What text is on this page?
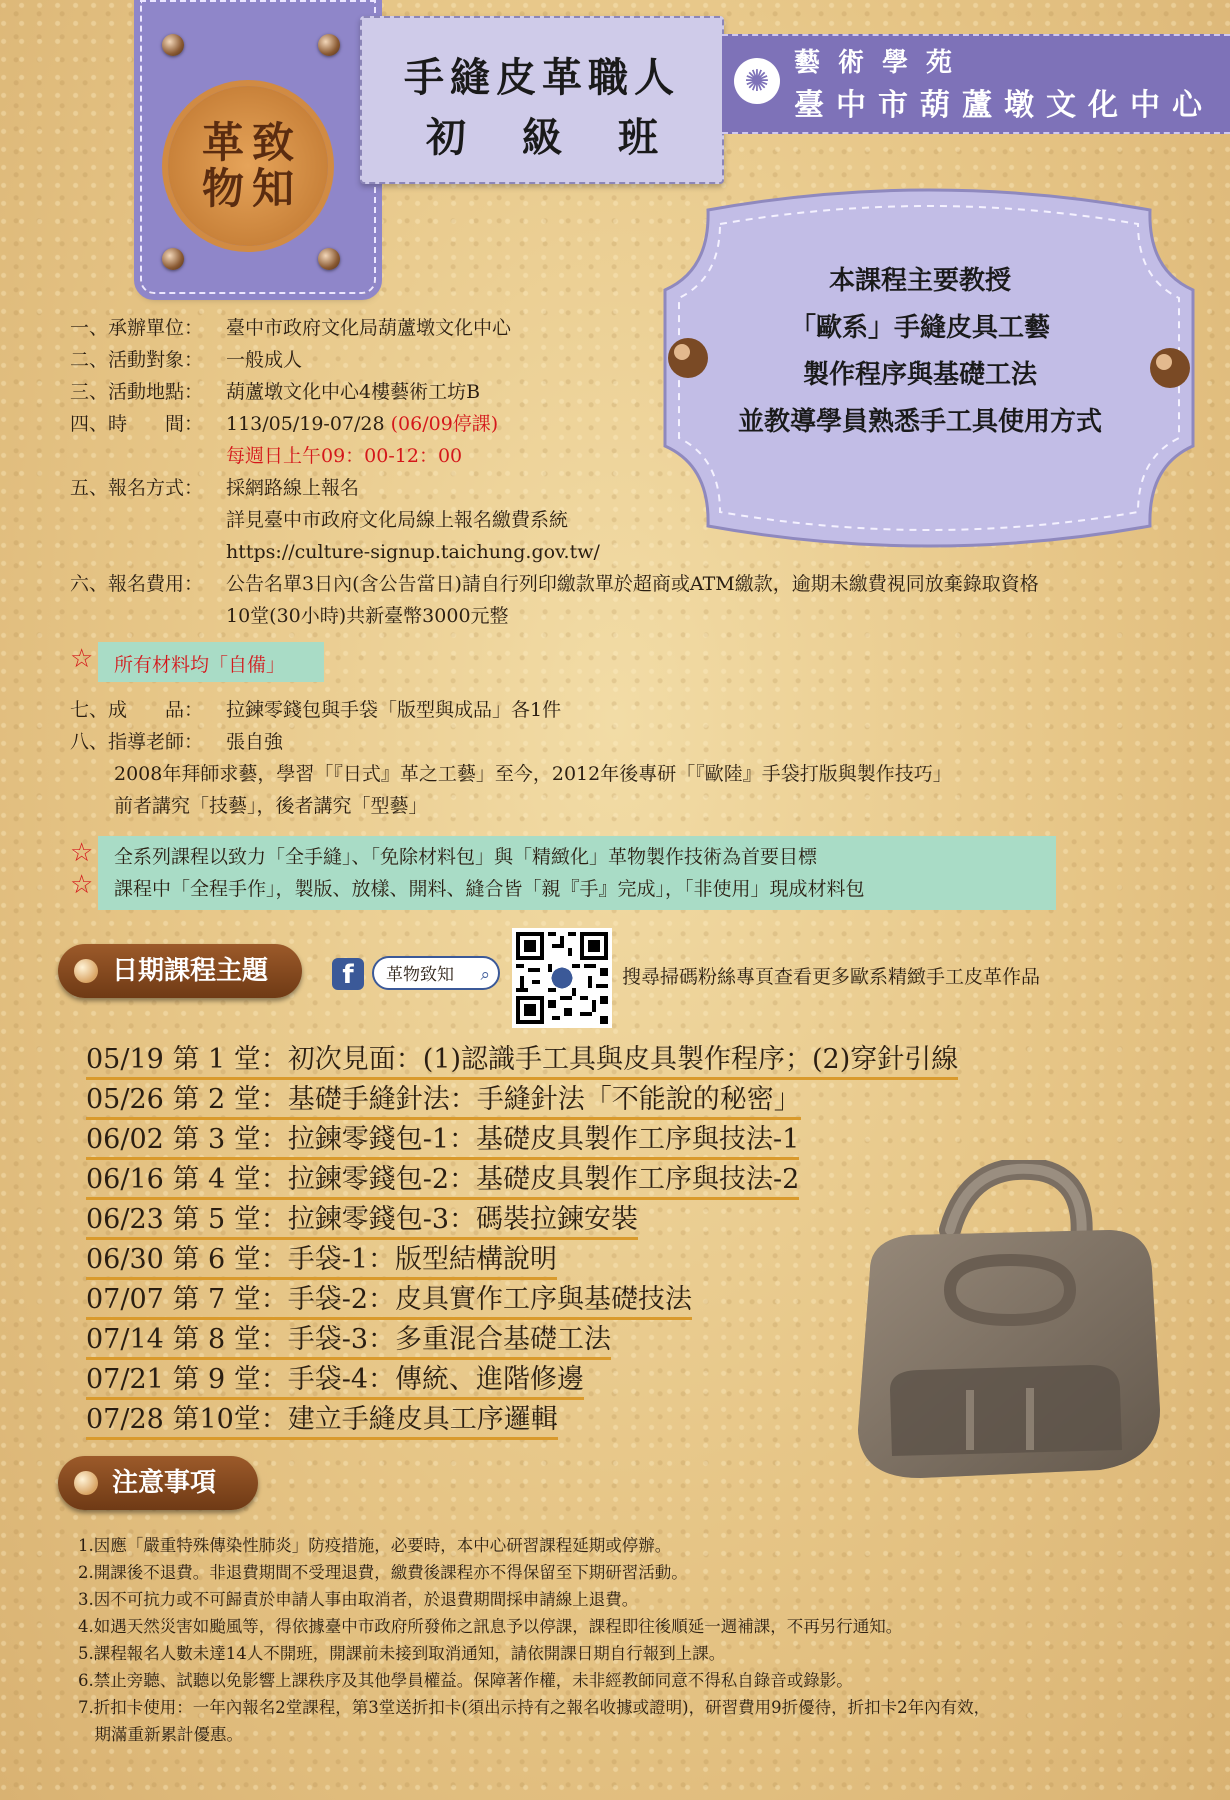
革 致
物 知
手縫皮革職人
初級班
✺
藝術學苑
臺中市葫蘆墩文化中心
本課程主要教授
「歐系」手縫皮具工藝
製作程序與基礎工法
並教導學員熟悉手工具使用方式
一、承辦單位： 臺中市政府文化局葫蘆墩文化中心
二、活動對象： 一般成人
三、活動地點： 葫蘆墩文化中心4樓藝術工坊B
四、時　　間： 113/05/19-07/28 (06/09停課)
每週日上午09：00-12：00
五、報名方式： 採網路線上報名
詳見臺中市政府文化局線上報名繳費系統
https://culture-signup.taichung.gov.tw/
六、報名費用： 公告名單3日內(含公告當日)請自行列印繳款單於超商或ATM繳款，逾期未繳費視同放棄錄取資格
10堂(30小時)共新臺幣3000元整
☆ 所有材料均「自備」
七、成　　品： 拉鍊零錢包與手袋「版型與成品」各1件
八、指導老師： 張自強
2008年拜師求藝，學習「『日式』革之工藝」至今，2012年後專研「『歐陸』手袋打版與製作技巧」
前者講究「技藝」，後者講究「型藝」
☆
☆
全系列課程以致力「全手縫」、「免除材料包」與「精緻化」革物製作技術為首要目標
課程中「全程手作」，製版、放樣、開料、縫合皆「親『手』完成」，「非使用」現成材料包
日期課程主題	f	革物致知 ⌕	搜尋掃碼粉絲專頁查看更多歐系精緻手工皮革作品
05/19 第 1 堂：初次見面：(1)認識手工具與皮具製作程序；(2)穿針引線
05/26 第 2 堂：基礎手縫針法：手縫針法「不能說的秘密」
06/02 第 3 堂：拉鍊零錢包-1：基礎皮具製作工序與技法-1
06/16 第 4 堂：拉鍊零錢包-2：基礎皮具製作工序與技法-2
06/23 第 5 堂：拉鍊零錢包-3：碼裝拉鍊安裝
06/30 第 6 堂：手袋-1：版型結構說明
07/07 第 7 堂：手袋-2：皮具實作工序與基礎技法
07/14 第 8 堂：手袋-3：多重混合基礎工法
07/21 第 9 堂：手袋-4：傳統、進階修邊
07/28 第10堂：建立手縫皮具工序邏輯
注意事項
1.因應「嚴重特殊傳染性肺炎」防疫措施，必要時，本中心研習課程延期或停辦。
2.開課後不退費。非退費期間不受理退費，繳費後課程亦不得保留至下期研習活動。
3.因不可抗力或不可歸責於申請人事由取消者，於退費期間採申請線上退費。
4.如遇天然災害如颱風等，得依據臺中市政府所發佈之訊息予以停課，課程即往後順延一週補課，不再另行通知。
5.課程報名人數未達14人不開班，開課前未接到取消通知，請依開課日期自行報到上課。
6.禁止旁聽、試聽以免影響上課秩序及其他學員權益。保障著作權，未非經教師同意不得私自錄音或錄影。
7.折扣卡使用：一年內報名2堂課程，第3堂送折扣卡(須出示持有之報名收據或證明)，研習費用9折優待，折扣卡2年內有效，
　期滿重新累計優惠。
